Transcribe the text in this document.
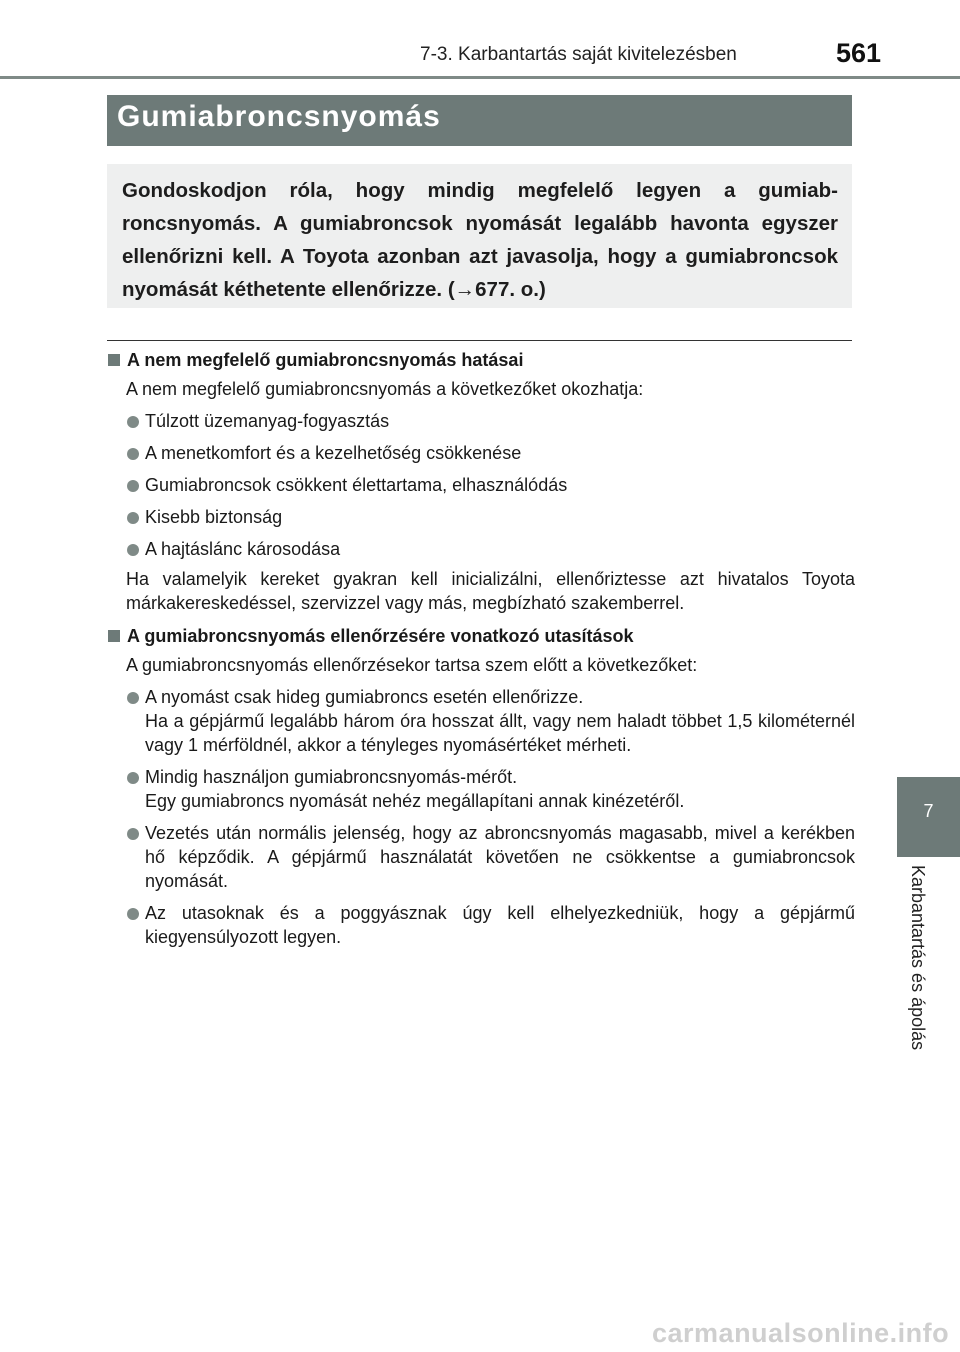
7-3. Karbantartás saját kivitelezésben	561
Gumiabroncsnyomás
Gondoskodjon róla, hogy mindig megfelelő legyen a gumiab-roncsnyomás. A gumiabroncsok nyomását legalább havonta egyszer ellenőrizni kell. A Toyota azonban azt javasolja, hogy a gumiabroncsok nyomását kéthetente ellenőrizze. (→677. o.)
A nem megfelelő gumiabroncsnyomás hatásai
A nem megfelelő gumiabroncsnyomás a következőket okozhatja:
Túlzott üzemanyag-fogyasztás
A menetkomfort és a kezelhetőség csökkenése
Gumiabroncsok csökkent élettartama, elhasználódás
Kisebb biztonság
A hajtáslánc károsodása
Ha valamelyik kereket gyakran kell inicializálni, ellenőriztesse azt hivatalos Toyota márkakereskedéssel, szervizzel vagy más, megbízható szakemberrel.
A gumiabroncsnyomás ellenőrzésére vonatkozó utasítások
A gumiabroncsnyomás ellenőrzésekor tartsa szem előtt a következőket:
A nyomást csak hideg gumiabroncs esetén ellenőrizze.
Ha a gépjármű legalább három óra hosszat állt, vagy nem haladt többet 1,5 kilométernél vagy 1 mérföldnél, akkor a tényleges nyomásértéket mérheti.
Mindig használjon gumiabroncsnyomás-mérőt.
Egy gumiabroncs nyomását nehéz megállapítani annak kinézetéről.
Vezetés után normális jelenség, hogy az abroncsnyomás magasabb, mivel a kerékben hő képződik. A gépjármű használatát követően ne csökkentse a gumiabroncsok nyomását.
Az utasoknak és a poggyásznak úgy kell elhelyezkedniük, hogy a gépjármű kiegyensúlyozott legyen.
7
Karbantartás és ápolás
carmanualsonline.info
